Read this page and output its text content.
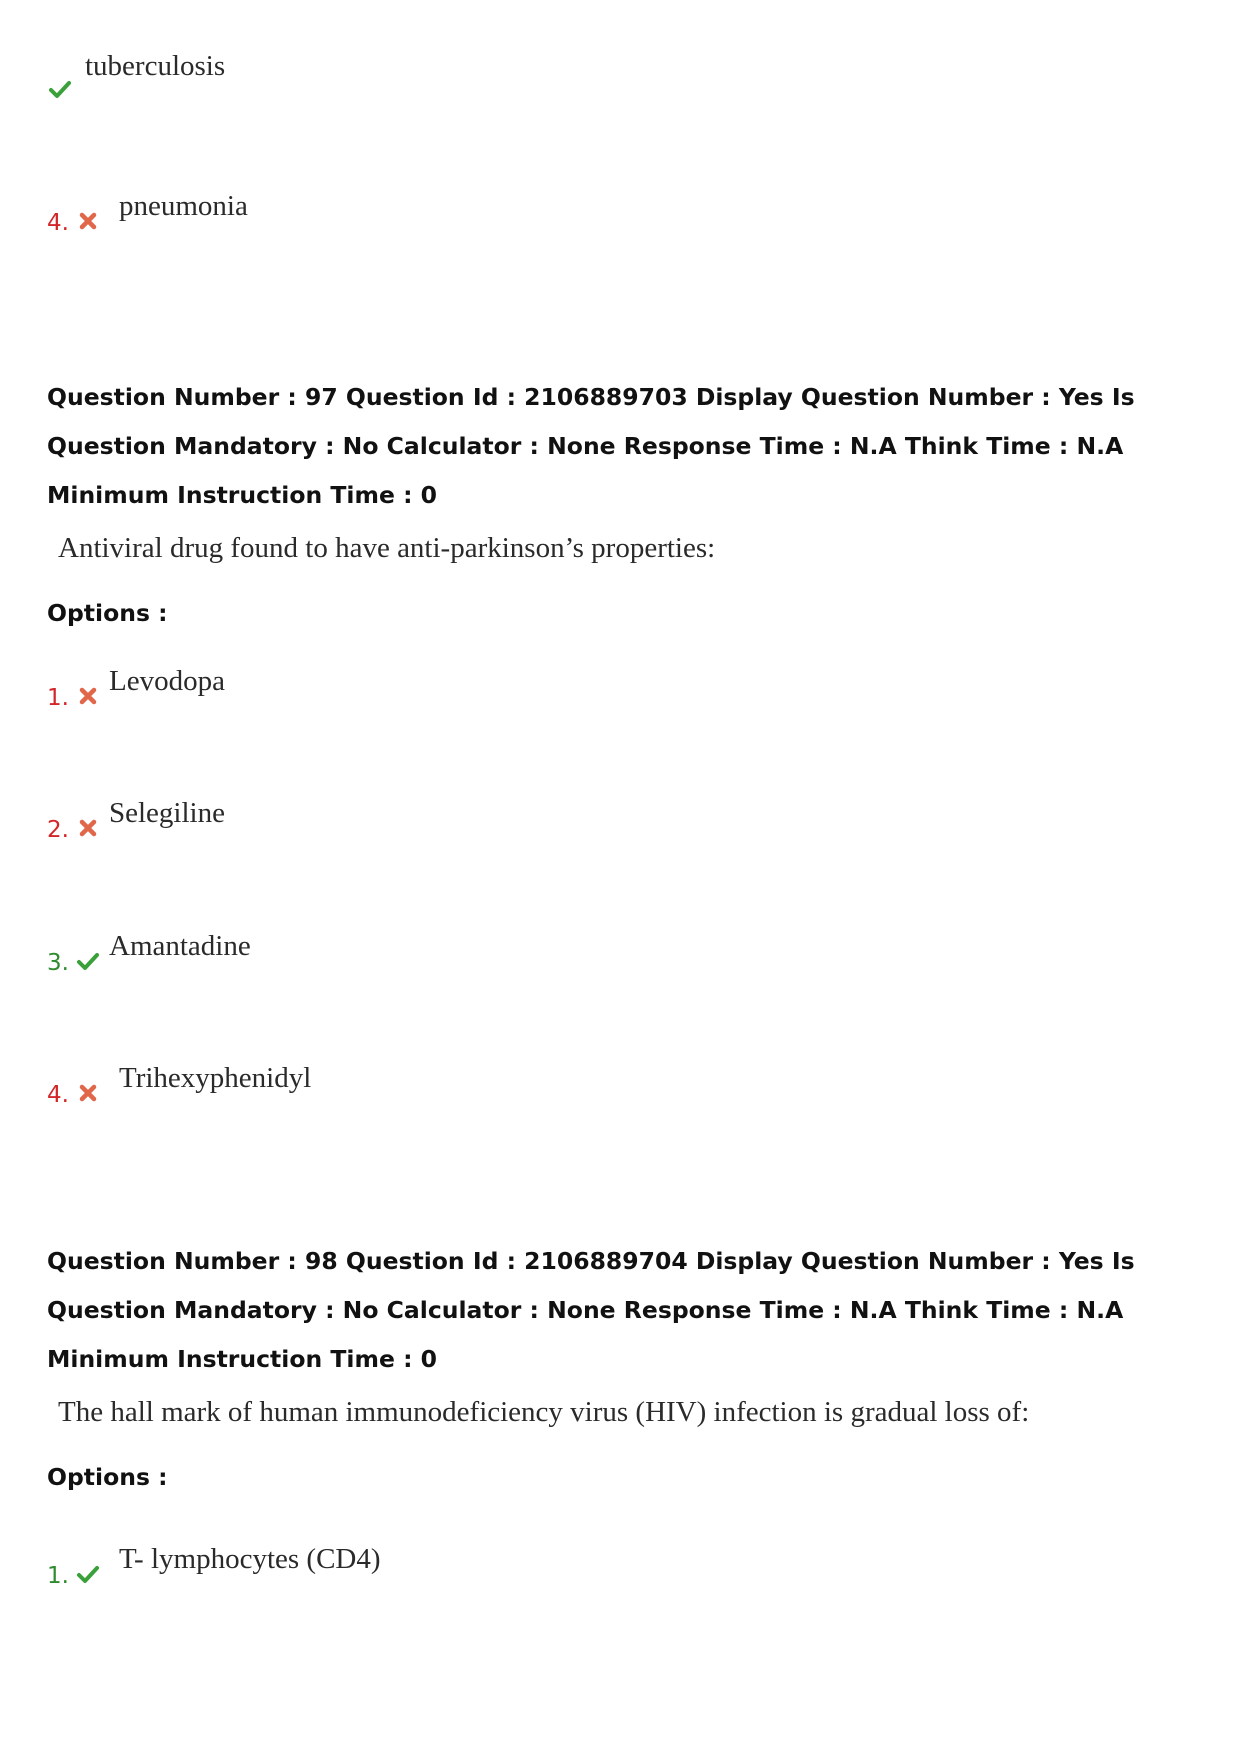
tuberculosis
4.
pneumonia
Question Number : 97 Question Id : 2106889703 Display Question Number : Yes Is Question Mandatory : No Calculator : None Response Time : N.A Think Time : N.A Minimum Instruction Time : 0
Antiviral drug found to have anti-parkinson’s properties:
Options :
1.
Levodopa
2.
Selegiline
3.
Amantadine
4.
Trihexyphenidyl
Question Number : 98 Question Id : 2106889704 Display Question Number : Yes Is Question Mandatory : No Calculator : None Response Time : N.A Think Time : N.A Minimum Instruction Time : 0
The hall mark of human immunodeficiency virus (HIV) infection is gradual loss of:
Options :
1.
T- lymphocytes (CD4)
